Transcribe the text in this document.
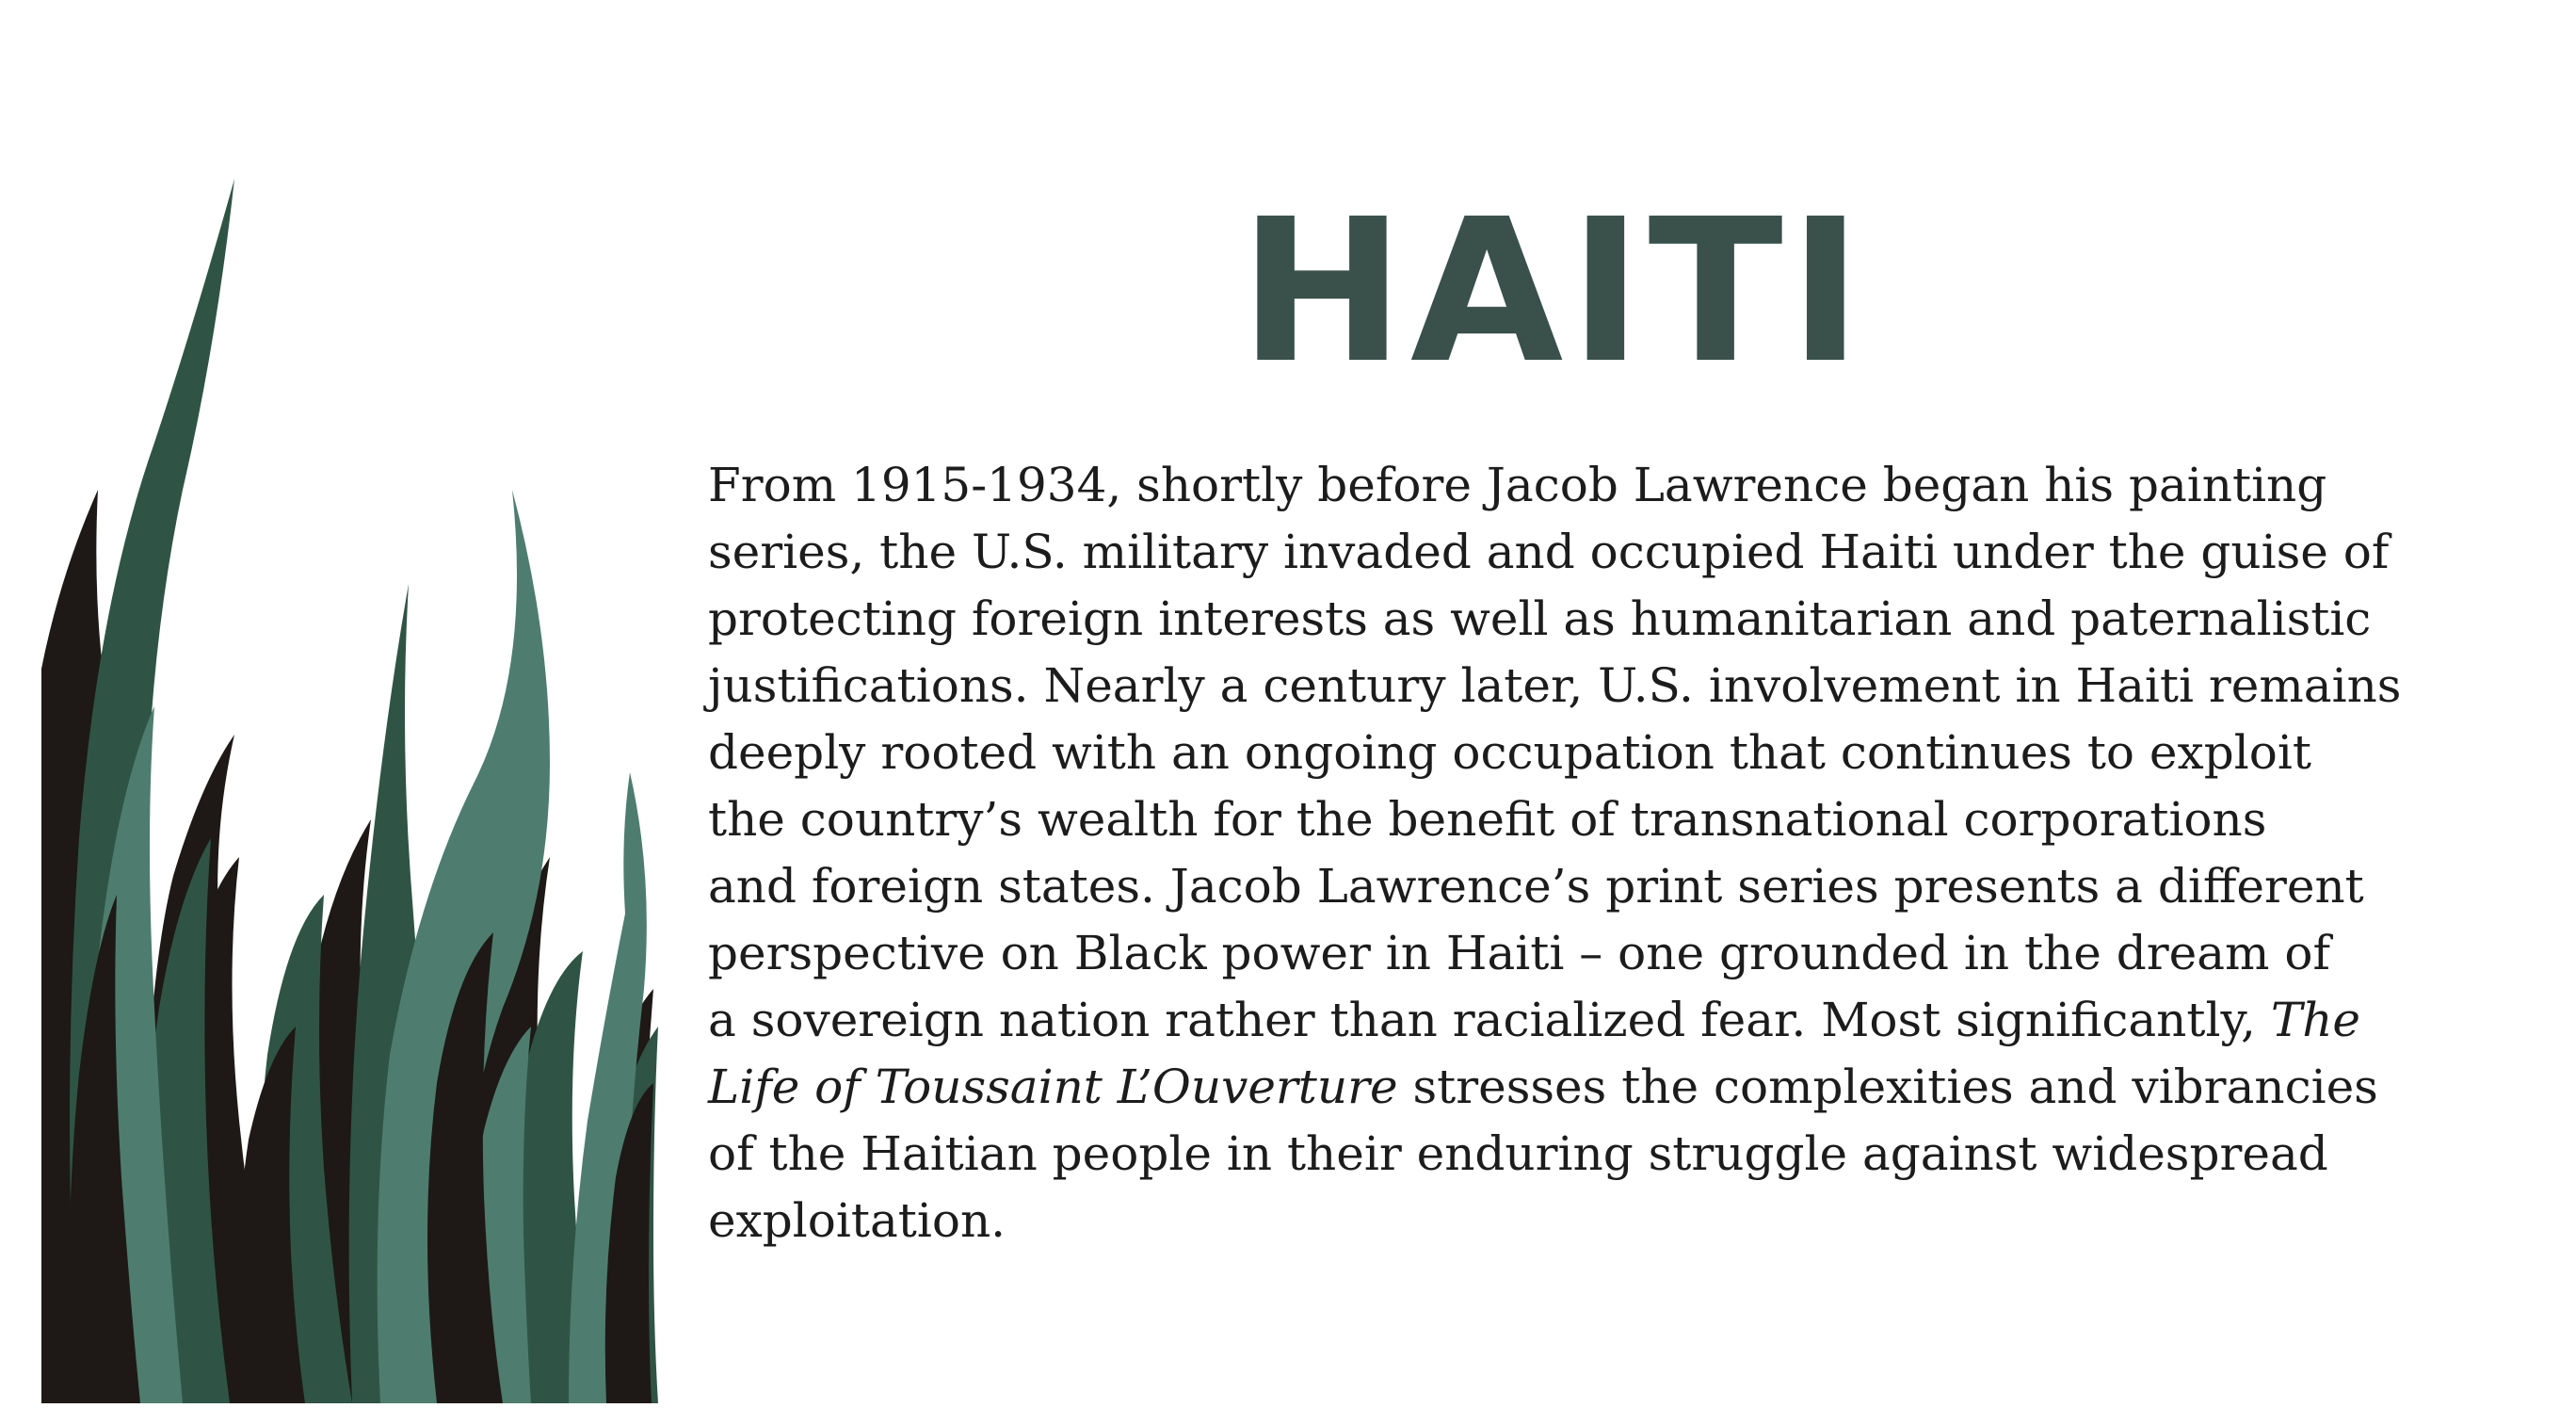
HAITI
From 1915-1934, shortly before Jacob Lawrence began his painting
series, the U.S. military invaded and occupied Haiti under the guise of
protecting foreign interests as well as humanitarian and paternalistic
justifications. Nearly a century later, U.S. involvement in Haiti remains
deeply rooted with an ongoing occupation that continues to exploit
the country’s wealth for the benefit of transnational corporations
and foreign states. Jacob Lawrence’s print series presents a different
perspective on Black power in Haiti – one grounded in the dream of
a sovereign nation rather than racialized fear. Most significantly, The
Life of Toussaint L’Ouverture stresses the complexities and vibrancies
of the Haitian people in their enduring struggle against widespread
exploitation.
